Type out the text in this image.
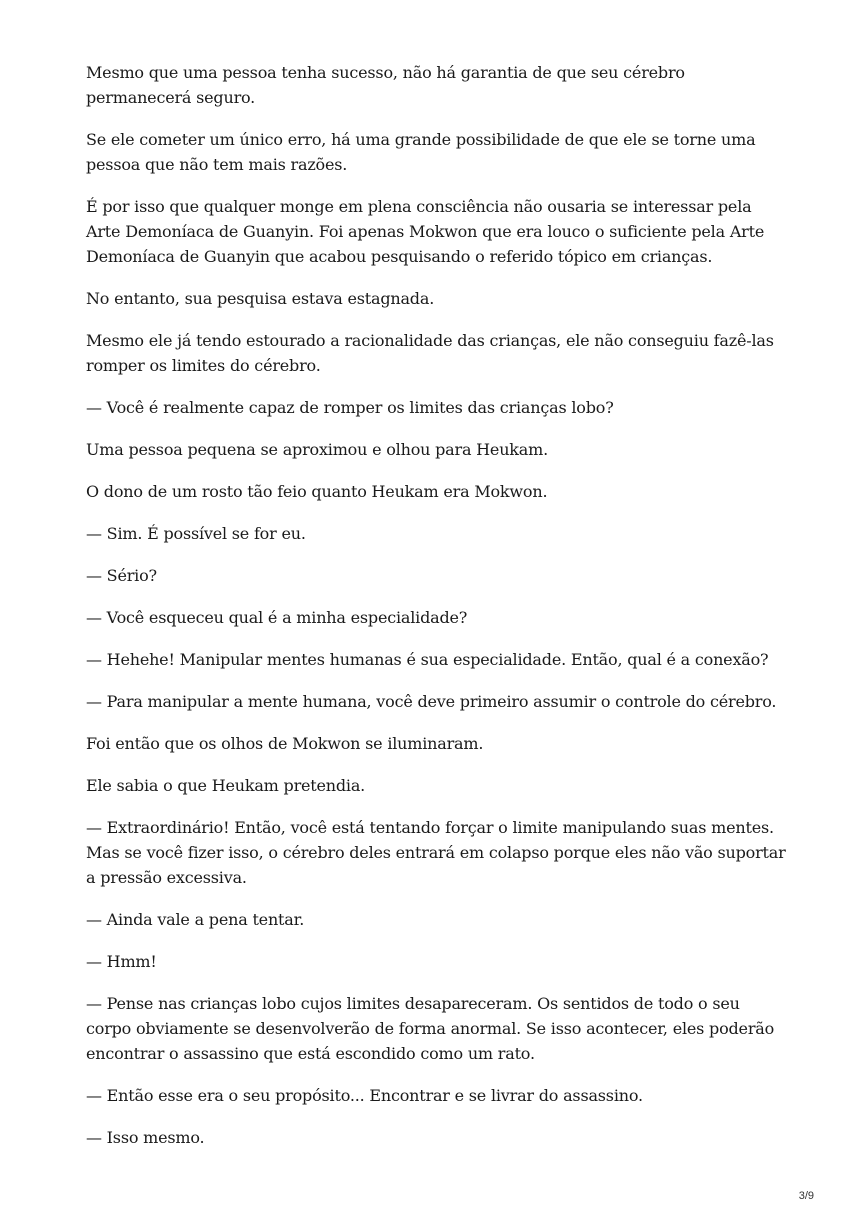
Mesmo que uma pessoa tenha sucesso, não há garantia de que seu cérebro permanecerá seguro.

Se ele cometer um único erro, há uma grande possibilidade de que ele se torne uma pessoa que não tem mais razões.

É por isso que qualquer monge em plena consciência não ousaria se interessar pela Arte Demoníaca de Guanyin. Foi apenas Mokwon que era louco o suficiente pela Arte Demoníaca de Guanyin que acabou pesquisando o referido tópico em crianças.

No entanto, sua pesquisa estava estagnada.

Mesmo ele já tendo estourado a racionalidade das crianças, ele não conseguiu fazê-las romper os limites do cérebro.

— Você é realmente capaz de romper os limites das crianças lobo?

Uma pessoa pequena se aproximou e olhou para Heukam.

O dono de um rosto tão feio quanto Heukam era Mokwon.

— Sim. É possível se for eu.

— Sério?

— Você esqueceu qual é a minha especialidade?

— Hehehe! Manipular mentes humanas é sua especialidade. Então, qual é a conexão?

— Para manipular a mente humana, você deve primeiro assumir o controle do cérebro.

Foi então que os olhos de Mokwon se iluminaram.

Ele sabia o que Heukam pretendia.

— Extraordinário! Então, você está tentando forçar o limite manipulando suas mentes. Mas se você fizer isso, o cérebro deles entrará em colapso porque eles não vão suportar a pressão excessiva.

— Ainda vale a pena tentar.

— Hmm!

— Pense nas crianças lobo cujos limites desapareceram. Os sentidos de todo o seu corpo obviamente se desenvolverão de forma anormal. Se isso acontecer, eles poderão encontrar o assassino que está escondido como um rato.

— Então esse era o seu propósito... Encontrar e se livrar do assassino.

— Isso mesmo.

3/9
